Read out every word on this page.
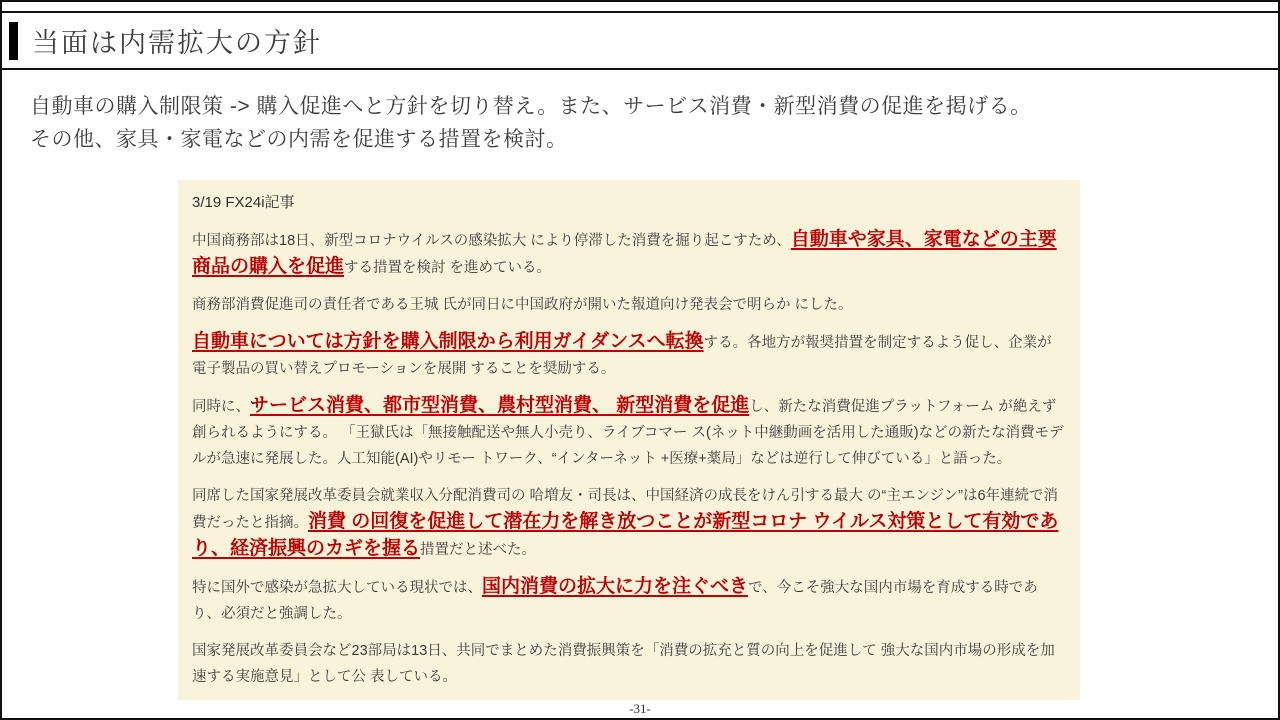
当面は内需拡大の方針
自動車の購入制限策 -> 購入促進へと方針を切り替え。また、サービス消費・新型消費の促進を掲げる。
その他、家具・家電などの内需を促進する措置を検討。
3/19 FX24i記事

中国商務部は18日、新型コロナウイルスの感染拡大 により停滞した消費を掘り起こすため、自動車や家具、家電などの主要商品の購入を促進する措置を検討 を進めている。

商務部消費促進司の責任者である王城 氏が同日に中国政府が開いた報道向け発表会で明らか にした。

自動車については方針を購入制限から利用ガイダンスへ転換する。各地方が報奨措置を制定するよう促し、企業が電子製品の買い替えプロモーションを展開 することを奨励する。

同時に、サービス消費、都市型消費、農村型消費、 新型消費を促進し、新たな消費促進プラットフォーム が絶えず創られるようにする。 「王獄氏は「無接触配送や無人小売り、ライブコマー ス(ネット中継動画を活用した通販)などの新たな消費モデルが急速に発展した。人工知能(AI)やリモー トワーク、“インターネット +医療+薬局」などは逆行して伸びている」と語った。

同席した国家発展改革委員会就業収入分配消費司の 哈増友・司長は、中国経済の成長をけん引する最大 の“主エンジン”は6年連続で消費だったと指摘。消費 の回復を促進して潜在力を解き放つことが新型コロナ ウイルス対策として有効であり、経済振興のカギを握る措置だと述べた。

特に国外で感染が急拡大している現状では、国内消費の拡大に力を注ぐべきで、今こそ強大な国内市場を育成する時であり、必須だと強調した。

国家発展改革委員会など23部局は13日、共同でまとめた消費振興策を「消費の拡充と質の向上を促進して 強大な国内市場の形成を加速する実施意見」として公 表している。

-31-
